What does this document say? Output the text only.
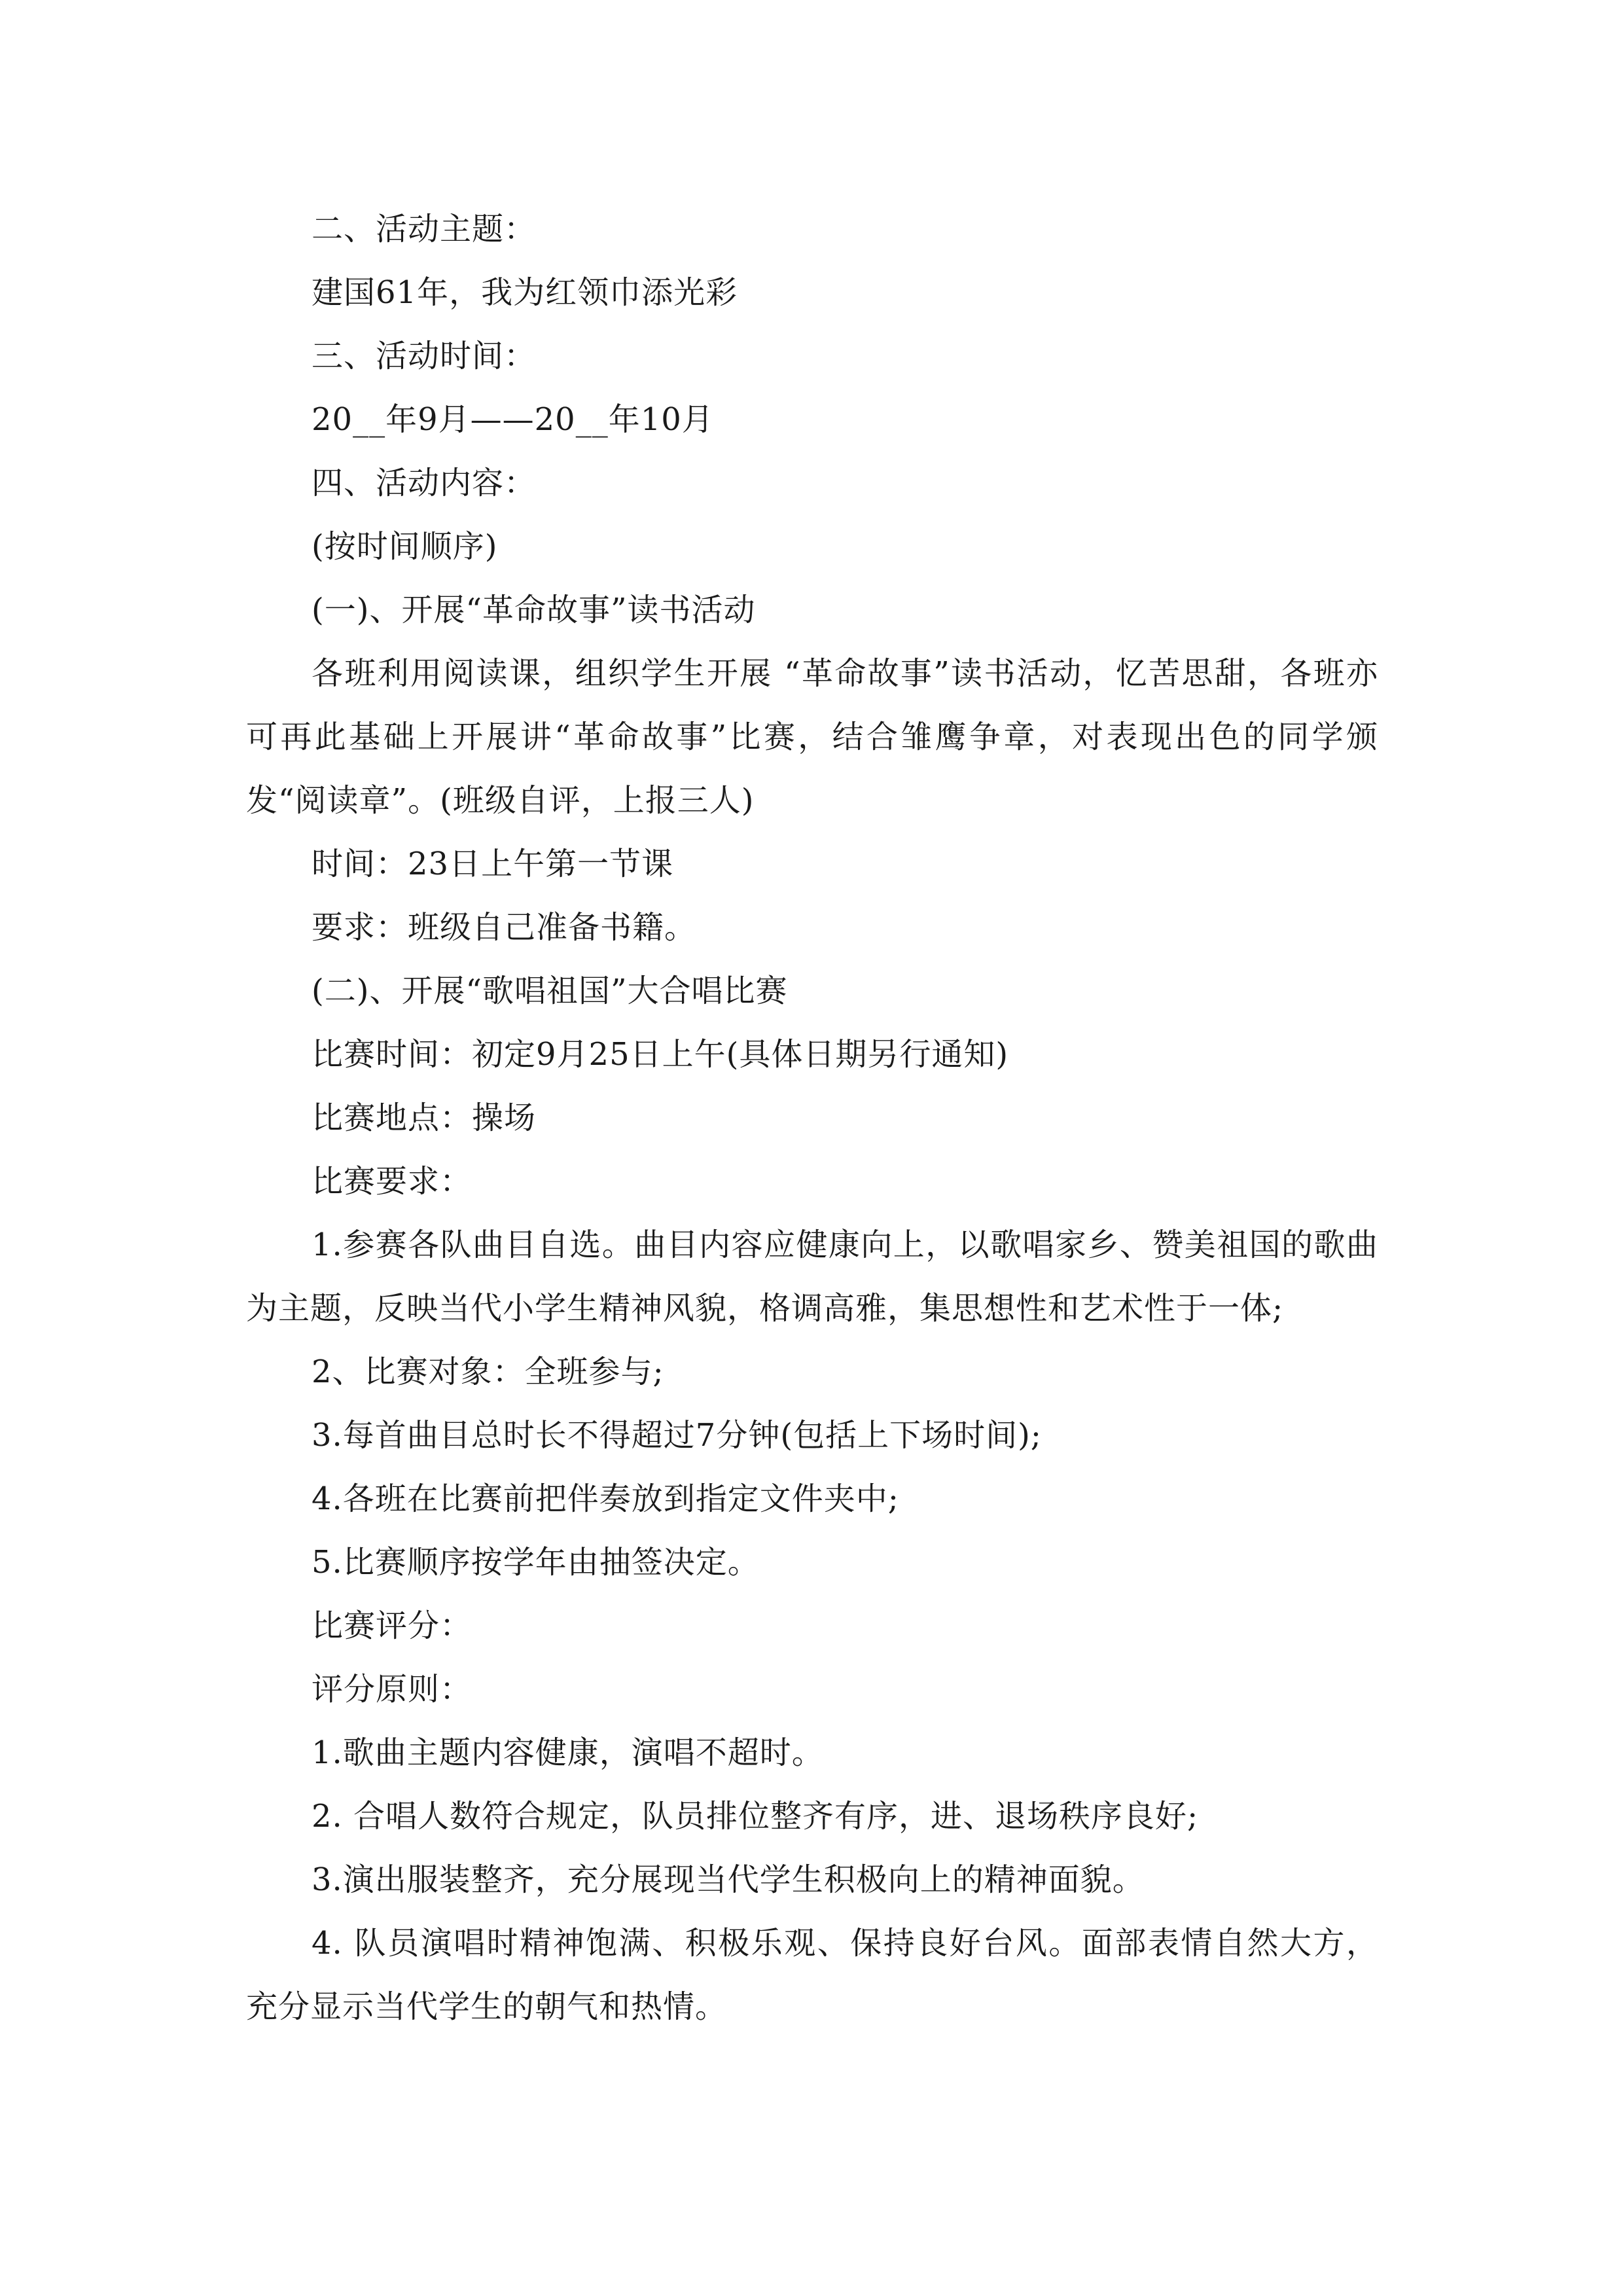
二、活动主题：

建国61年，我为红领巾添光彩

三、活动时间：

20__年9月——20__年10月

四、活动内容：

(按时间顺序)

(一)、开展“革命故事”读书活动

各班利用阅读课，组织学生开展 “革命故事”读书活动，忆苦思甜，各班亦可再此基础上开展讲“革命故事”比赛，结合雏鹰争章，对表现出色的同学颁发“阅读章”。(班级自评，上报三人)

时间：23日上午第一节课

要求：班级自己准备书籍。

(二)、开展“歌唱祖国”大合唱比赛

比赛时间：初定9月25日上午(具体日期另行通知)

比赛地点：操场

比赛要求：

1.参赛各队曲目自选。曲目内容应健康向上，以歌唱家乡、赞美祖国的歌曲为主题，反映当代小学生精神风貌，格调高雅，集思想性和艺术性于一体;

2、比赛对象：全班参与;

3.每首曲目总时长不得超过7分钟(包括上下场时间);

4.各班在比赛前把伴奏放到指定文件夹中;

5.比赛顺序按学年由抽签决定。

比赛评分：

评分原则：

1.歌曲主题内容健康，演唱不超时。

2. 合唱人数符合规定，队员排位整齐有序，进、退场秩序良好;

3.演出服装整齐，充分展现当代学生积极向上的精神面貌。

4. 队员演唱时精神饱满、积极乐观、保持良好台风。面部表情自然大方，充分显示当代学生的朝气和热情。
